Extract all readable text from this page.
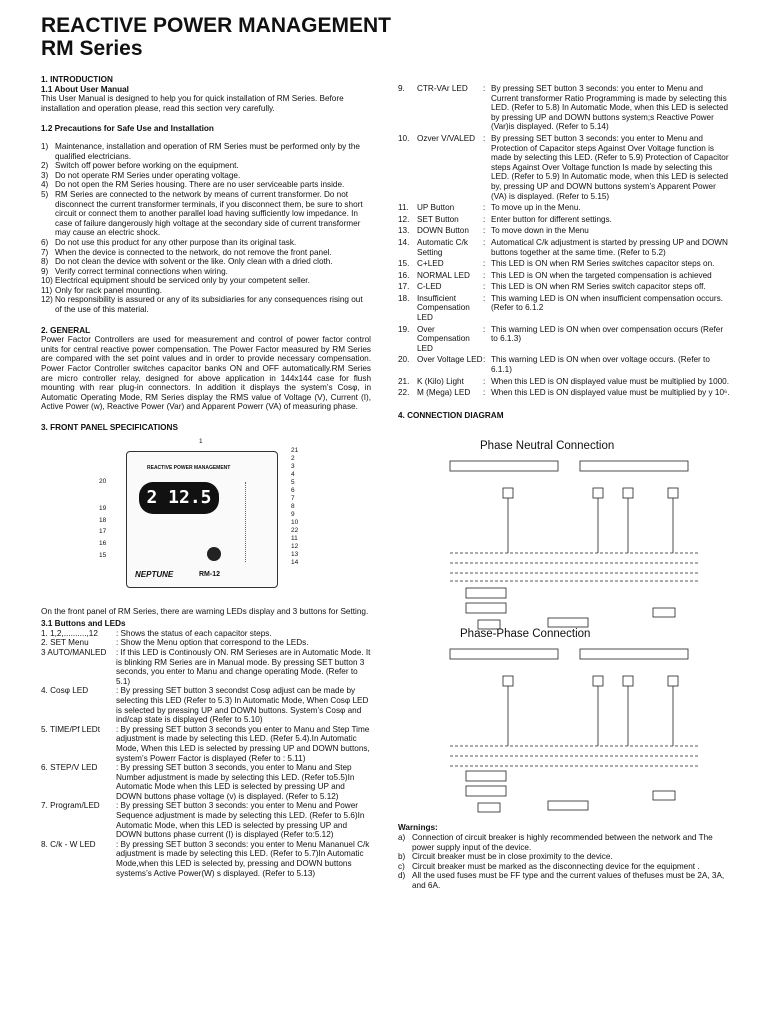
REACTIVE POWER MANAGEMENT
RM Series
1. INTRODUCTION
1.1 About User Manual

This User Manual is designed to help you for quick installation of RM Series. Before installation and operation please, read this section very carefully.

1.2 Precautions for Safe Use and Installation
1) Maintenance, installation and operation of RM Series must be performed only by the qualified electricians.
2) Switch off power before working on the equipment.
3) Do not operate RM Series under operating voltage.
4) Do not open the RM Series housing. There are no user serviceable parts inside.
5) RM Series are connected to the network by means of current transformer. Do not disconnect the current transformer terminals, if you disconnect them, be sure to short circuit or connect them to another parallel load having sufficiently low impedance. In case of failure dangerously high voltage at the secondary side of current transformer may cause an electric shock.
6) Do not use this product for any other purpose than its original task.
7) When the device is connected to the network, do not remove the front panel.
8) Do not clean the device with solvent or the like. Only clean with a dried cloth.
9) Verify correct terminal connections when wiring.
10) Electrical equipment should be serviced only by your competent seller.
11) Only for rack panel mounting.
12) No responsibility is assured or any of its subsidiaries for any consequences rising out of the use of this material.
2. GENERAL

Power Factor Controllers are used for measurement and control of power factor control units for central reactive power compensation. The Power Factor measured by RM Series are compared with the set point values and in order to provide necessary compensation. Power Factor Controller switches capacitor banks ON and OFF automatically.RM Series are micro controller relay, designed for above application in 144x144 case for flush mounting with rear plug-in connectors. In addition it displays the system’s Cosφ, in Automatic Operating Mode, RM Series display the RMS value of Voltage (V), Current (I), Active Power (w), Reactive Power (Var) and Apparent Powerr (VA) of measuring phase.

3. FRONT PANEL SPECIFICATIONS
1
REACTIVE POWER MANAGEMENT
2 12.5
NEPTUNE	RM-12
21
2
3
4
5
6
7
8
9
10
22
11
12
13
14
20
19
18
17
16
15

On the front panel of RM Series, there are warning LEDs display and 3 buttons for Setting.

3.1 Buttons and LEDs
1. 1,2,..........,12	: Shows the status of each capacitor steps.
2. SET Menu	: Show the Menu option that correspond to the LEDs.
3 AUTO/MANLED	: If this LED is Continously ON. RM Serieses are in Automatic Mode. It is blinking RM Series are in Manual mode. By pressing SET button 3 seconds, you enter to Manu and change operating Mode. (Refer to 5.1)
4. Cosφ LED	: By pressing SET button 3 secondst Cosφ adjust can be made by selecting this LED (Refer to 5.3) In Automatic Mode, When Cosφ LED is selected by pressing UP and DOWN buttons. System’s Cosφ and ind/cap state is displayed (Refer to 5.10)
5. TIME/Pf LEDt	: By pressing SET button 3 seconds you enter to Manu and Step Time adjustment is made by selecting this LED. (Refer 5.4).In Automatic Mode, When this LED is selected by pressing UP and DOWN buttons, system’s Powerr Factor is displayed (Refer to : 5.11)
6. STEP/V LED	: By pressing SET button 3 seconds, you enter to Manu and Step Number adjustment is made by selecting this LED. (Refer to5.5)In Automatic Mode when this LED is selected by pressing UP and DOWN buttons phase voltage (v) is displayed. (Refer to 5.12)
7. Program/LED	: By pressing SET button 3 seconds: you enter to Menu and Power Sequence adjustment is made by selecting this LED. (Refer to 5.6)In Automatic Mode, when this LED is selected by pressing UP and DOWN buttons phase current (I) is displayed (Refer to:5.12)
8. C/k - W LED	: By pressing SET button 3 seconds: you enter to Menu Mananuel C/k adjustment is made by selecting this LED. (Refer to 5.7)In Automatic Mode,when this LED is selected by, pressing and DOWN buttons systems’s Active Power(W) s displayed. (Refer to 5.13)
9.	CTR-VAr LED	: By pressing SET button 3 seconds: you enter to Menu and Current transformer Ratio Programming is made by selecting this LED. (Refer to 5.8) In Automatic Mode, when this LED is selected by pressing UP and DOWN buttons system;s Reactive Power (Var)is displayed. (Refer to 5.14)
10. Ozver V/VALED : By pressing SET button 3 seconds: you enter to Menu and Protection of Capacitor steps Against Over Voltage function is made by selecting this LED. (Refer to 5.9) Protection of Capacitor steps Against Over Voltage function Is made by selecting this LED. (Refer to 5.9) In Automatic mode, when this LED is selected by, pressing UP and DOWN buttons system’s Apparent Power (VA) is displayed. (Refer to 5.15)
11.	UP Button	: To move up in the Menu.
12. SET Button	: Enter button for different settings.
13. DOWN Button	: To move down in the Menu
14. Automatic C/k Setting
: Automatical C/k adjustment is started by pressing UP and DOWN buttons together at the same time. (Refer to 5.2)
15. C+LED	: This LED is ON when RM Series switches capacitor steps on.
16. NORMAL LED	: This LED is ON when the targeted compensation is achieved
17. C-LED	: This LED is ON when RM Series switch capacitor steps off.
18. Insufficient Compensation LED
: This warning LED is ON when insufficient compensation occurs. (Refer to 6.1.2
19. Over Compensation LED
: This warning LED is ON when over compensation occurs (Refer to 6.1.3)
20. Over Voltage LED : This warning LED is ON when over voltage occurs. (Refer to 6.1.1)
21. K (Kilo) Light	: When this LED is ON displayed value must be multiplied by 1000.
22. M (Mega) LED	: When this LED is ON displayed value must be multiplied by y 10⁶.
4. CONNECTION DIAGRAM
Phase Neutral Connection
Phase-Phase Connection
Warnings:
a) Connection of circuit breaker is highly recommended between the network and The power supply input of the device.
b) Circuit breaker must be in close proximity to the device.
c) Circuit breaker must be marked as the disconnecting device for the equipment .
d) All the used fuses must be FF type and the current values of thefuses must be 2A, 3A, and 6A.
